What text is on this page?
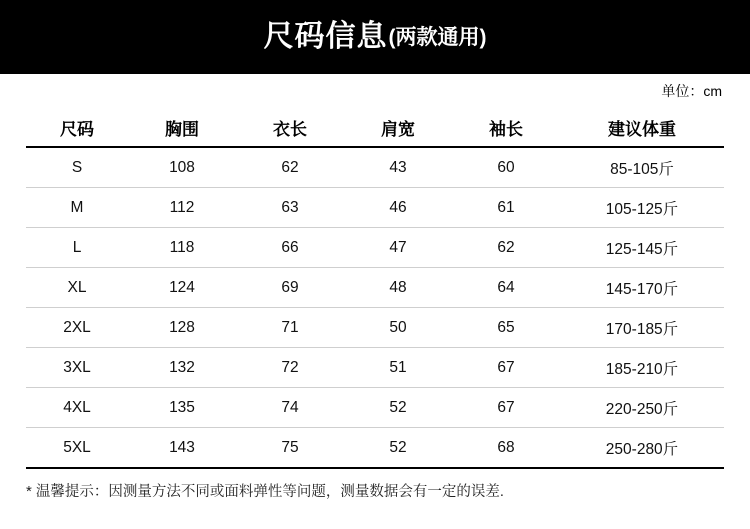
尺码信息 (两款通用)
单位：cm
尺码	胸围	衣长	肩宽	袖长	建议体重
S	108	62	43	60	85-105斤
M	112	63	46	61	105-125斤
L	118	66	47	62	125-145斤
XL	124	69	48	64	145-170斤
2XL	128	71	50	65	170-185斤
3XL	132	72	51	67	185-210斤
4XL	135	74	52	67	220-250斤
5XL	143	75	52	68	250-280斤
* 温馨提示：因测量方法不同或面料弹性等问题，测量数据会有一定的误差.
